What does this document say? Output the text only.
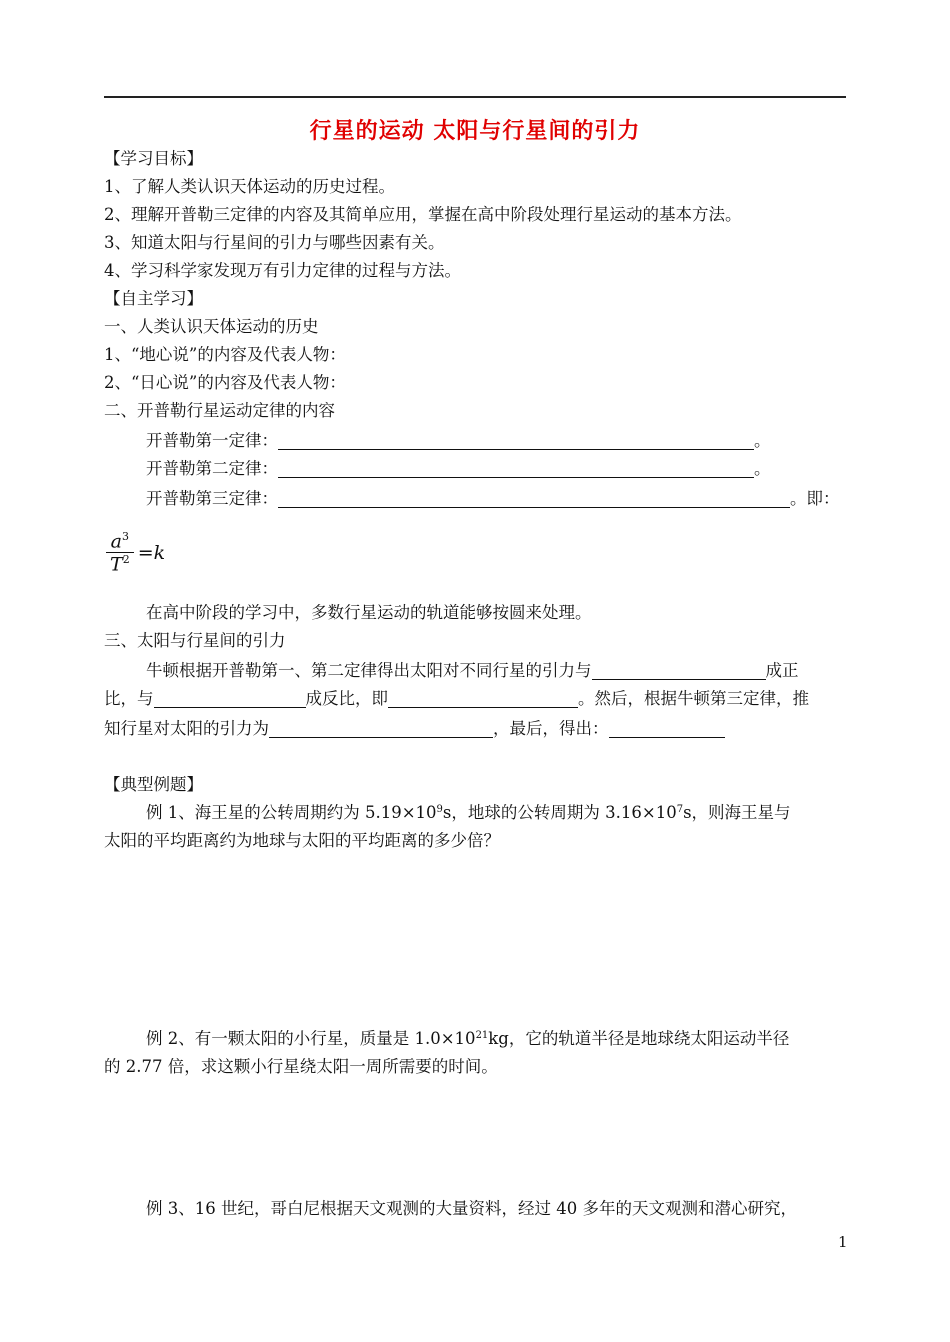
行星的运动 太阳与行星间的引力
【学习目标】
1、了解人类认识天体运动的历史过程。
2、理解开普勒三定律的内容及其简单应用，掌握在高中阶段处理行星运动的基本方法。
3、知道太阳与行星间的引力与哪些因素有关。
4、学习科学家发现万有引力定律的过程与方法。
【自主学习】
一、人类认识天体运动的历史
1、“地心说”的内容及代表人物：
2、“日心说”的内容及代表人物：
二、开普勒行星运动定律的内容
开普勒第一定律：	。
开普勒第二定律：	。
开普勒第三定律：	。即：
$\frac{a^3}{T^2} =k$
在高中阶段的学习中，多数行星运动的轨道能够按圆来处理。
三、太阳与行星间的引力
牛顿根据开普勒第一、第二定律得出太阳对不同行星的引力与	成正
比，与	成反比，即	。然后，根据牛顿第三定律，推
知行星对太阳的引力为	，最后，得出：
【典型例题】
例 1、海王星的公转周期约为 $5.19\times 10^9s$，地球的公转周期为 $3.16\times 10^7s$，则海王星与
太阳的平均距离约为地球与太阳的平均距离的多少倍？
例 2、有一颗太阳的小行星，质量是 $1.0\times 10^{21}kg$，它的轨道半径是地球绕太阳运动半径
的 2.77 倍，求这颗小行星绕太阳一周所需要的时间。
例 3、16 世纪，哥白尼根据天文观测的大量资料，经过 40 多年的天文观测和潜心研究，
1
